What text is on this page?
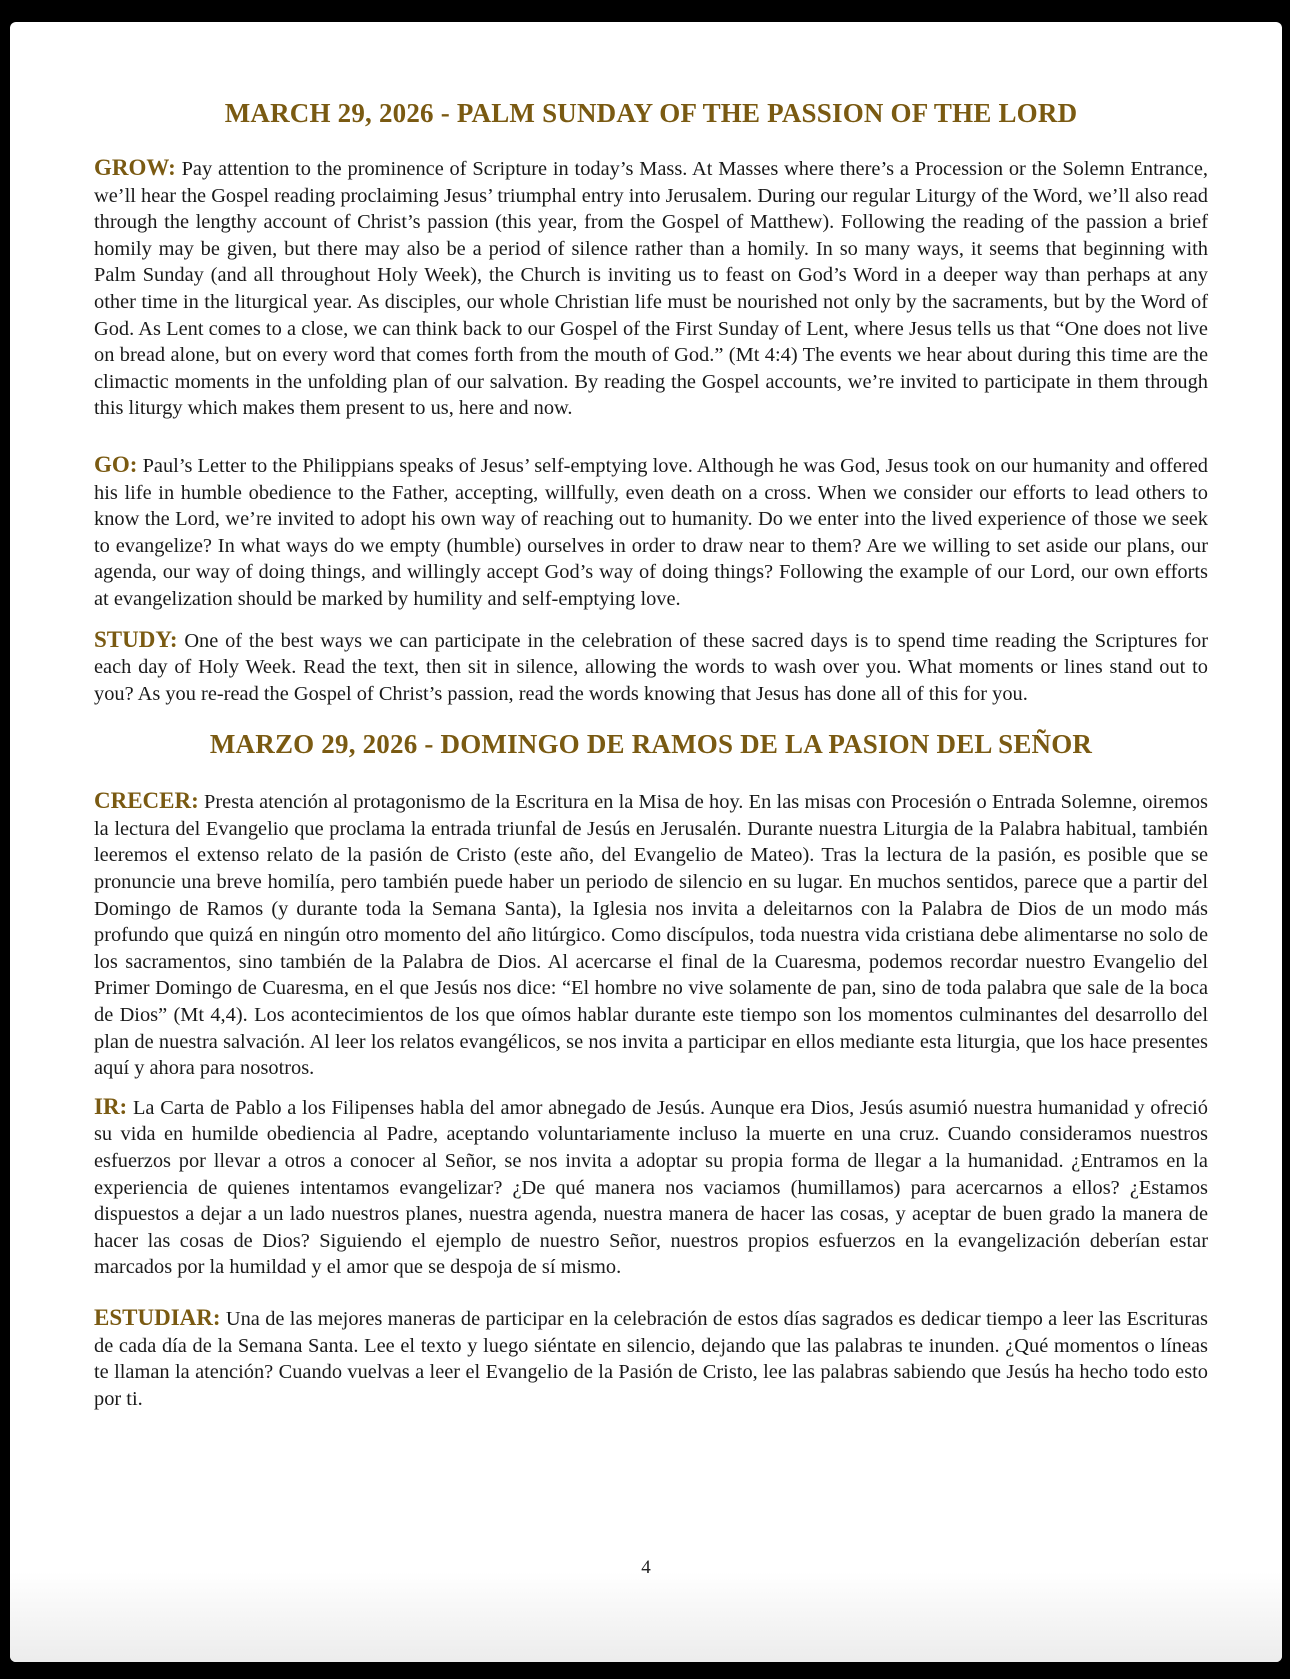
MARCH 29, 2026 - PALM SUNDAY OF THE PASSION OF THE LORD

GROW: Pay attention to the prominence of Scripture in today’s Mass. At Masses where there’s a Procession or the Solemn Entrance, we’ll hear the Gospel reading proclaiming Jesus’ triumphal entry into Jerusalem. During our regular Liturgy of the Word, we’ll also read through the lengthy account of Christ’s passion (this year, from the Gospel of Matthew). Following the reading of the passion a brief homily may be given, but there may also be a period of silence rather than a homily. In so many ways, it seems that beginning with Palm Sunday (and all throughout Holy Week), the Church is inviting us to feast on God’s Word in a deeper way than perhaps at any other time in the liturgical year. As disciples, our whole Christian life must be nourished not only by the sacraments, but by the Word of God. As Lent comes to a close, we can think back to our Gospel of the First Sunday of Lent, where Jesus tells us that “One does not live on bread alone, but on every word that comes forth from the mouth of God.” (Mt 4:4) The events we hear about during this time are the climactic moments in the unfolding plan of our salvation. By reading the Gospel accounts, we’re invited to participate in them through this liturgy which makes them present to us, here and now.

GO: Paul’s Letter to the Philippians speaks of Jesus’ self-emptying love. Although he was God, Jesus took on our humanity and offered his life in humble obedience to the Father, accepting, willfully, even death on a cross. When we consider our efforts to lead others to know the Lord, we’re invited to adopt his own way of reaching out to humanity. Do we enter into the lived experience of those we seek to evangelize? In what ways do we empty (humble) ourselves in order to draw near to them? Are we willing to set aside our plans, our agenda, our way of doing things, and willingly accept God’s way of doing things? Following the example of our Lord, our own efforts at evangelization should be marked by humility and self-emptying love.

STUDY: One of the best ways we can participate in the celebration of these sacred days is to spend time reading the Scriptures for each day of Holy Week. Read the text, then sit in silence, allowing the words to wash over you. What moments or lines stand out to you? As you re-read the Gospel of Christ’s passion, read the words knowing that Jesus has done all of this for you.

MARZO 29, 2026 - DOMINGO DE RAMOS DE LA PASION DEL SEÑOR

CRECER: Presta atención al protagonismo de la Escritura en la Misa de hoy. En las misas con Procesión o Entrada Solemne, oiremos la lectura del Evangelio que proclama la entrada triunfal de Jesús en Jerusalén. Durante nuestra Liturgia de la Palabra habitual, también leeremos el extenso relato de la pasión de Cristo (este año, del Evangelio de Mateo). Tras la lectura de la pasión, es posible que se pronuncie una breve homilía, pero también puede haber un periodo de silencio en su lugar. En muchos sentidos, parece que a partir del Domingo de Ramos (y durante toda la Semana Santa), la Iglesia nos invita a deleitarnos con la Palabra de Dios de un modo más profundo que quizá en ningún otro momento del año litúrgico. Como discípulos, toda nuestra vida cristiana debe alimentarse no solo de los sacramentos, sino también de la Palabra de Dios. Al acercarse el final de la Cuaresma, podemos recordar nuestro Evangelio del Primer Domingo de Cuaresma, en el que Jesús nos dice: “El hombre no vive solamente de pan, sino de toda palabra que sale de la boca de Dios” (Mt 4,4). Los acontecimientos de los que oímos hablar durante este tiempo son los momentos culminantes del desarrollo del plan de nuestra salvación. Al leer los relatos evangélicos, se nos invita a participar en ellos mediante esta liturgia, que los hace presentes aquí y ahora para nosotros.

IR: La Carta de Pablo a los Filipenses habla del amor abnegado de Jesús. Aunque era Dios, Jesús asumió nuestra humanidad y ofreció su vida en humilde obediencia al Padre, aceptando voluntariamente incluso la muerte en una cruz. Cuando consideramos nuestros esfuerzos por llevar a otros a conocer al Señor, se nos invita a adoptar su propia forma de llegar a la humanidad. ¿Entramos en la experiencia de quienes intentamos evangelizar? ¿De qué manera nos vaciamos (humillamos) para acercarnos a ellos? ¿Estamos dispuestos a dejar a un lado nuestros planes, nuestra agenda, nuestra manera de hacer las cosas, y aceptar de buen grado la manera de hacer las cosas de Dios? Siguiendo el ejemplo de nuestro Señor, nuestros propios esfuerzos en la evangelización deberían estar marcados por la humildad y el amor que se despoja de sí mismo.

ESTUDIAR: Una de las mejores maneras de participar en la celebración de estos días sagrados es dedicar tiempo a leer las Escrituras de cada día de la Semana Santa. Lee el texto y luego siéntate en silencio, dejando que las palabras te inunden. ¿Qué momentos o líneas te llaman la atención? Cuando vuelvas a leer el Evangelio de la Pasión de Cristo, lee las palabras sabiendo que Jesús ha hecho todo esto por ti.

4
